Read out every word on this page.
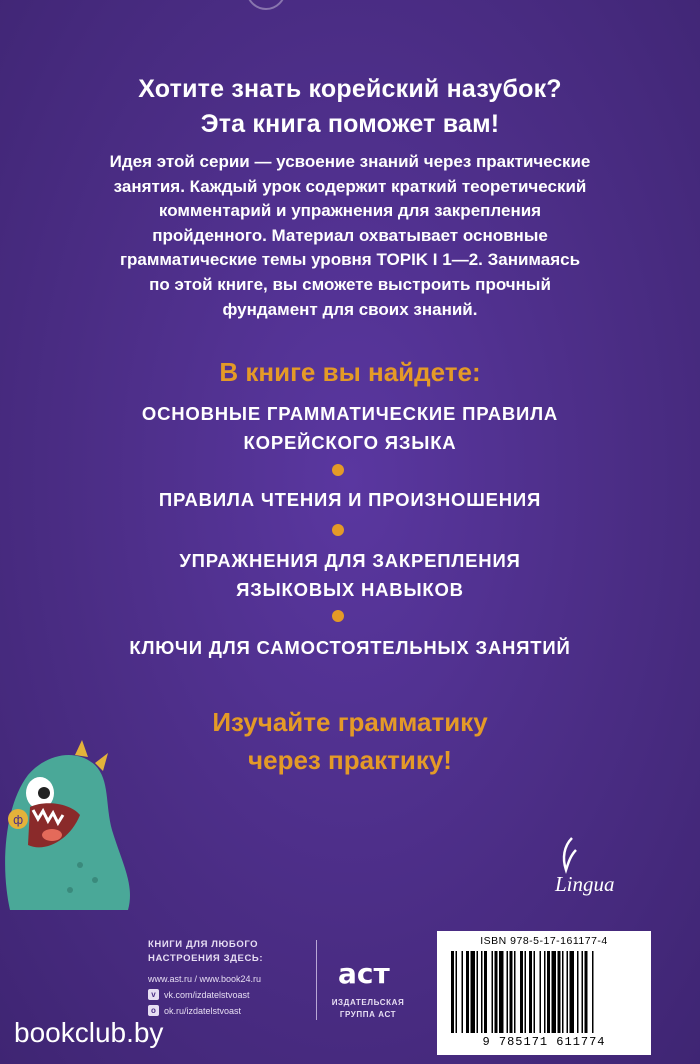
Хотите знать корейский назубок?
Эта книга поможет вам!
Идея этой серии — усвоение знаний через практические
занятия. Каждый урок содержит краткий теоретический
комментарий и упражнения для закрепления
пройденного. Материал охватывает основные
грамматические темы уровня TOPIK I 1—2. Занимаясь
по этой книге, вы сможете выстроить прочный
фундамент для своих знаний.
В книге вы найдете:
ОСНОВНЫЕ ГРАММАТИЧЕСКИЕ ПРАВИЛА
КОРЕЙСКОГО ЯЗЫКА
ПРАВИЛА ЧТЕНИЯ И ПРОИЗНОШЕНИЯ
УПРАЖНЕНИЯ ДЛЯ ЗАКРЕПЛЕНИЯ
ЯЗЫКОВЫХ НАВЫКОВ
КЛЮЧИ ДЛЯ САМОСТОЯТЕЛЬНЫХ ЗАНЯТИЙ
Изучайте грамматику
через практику!
ф
Lingua
КНИГИ ДЛЯ ЛЮБОГО
НАСТРОЕНИЯ ЗДЕСЬ:
www.ast.ru / www.book24.ru
v vk.com/izdatelstvoast
o ok.ru/izdatelstvoast
аст
ИЗДАТЕЛЬСКАЯ
ГРУППА АСТ
ISBN 978-5-17-161177-4
9 785171 611774
bookclub.by
